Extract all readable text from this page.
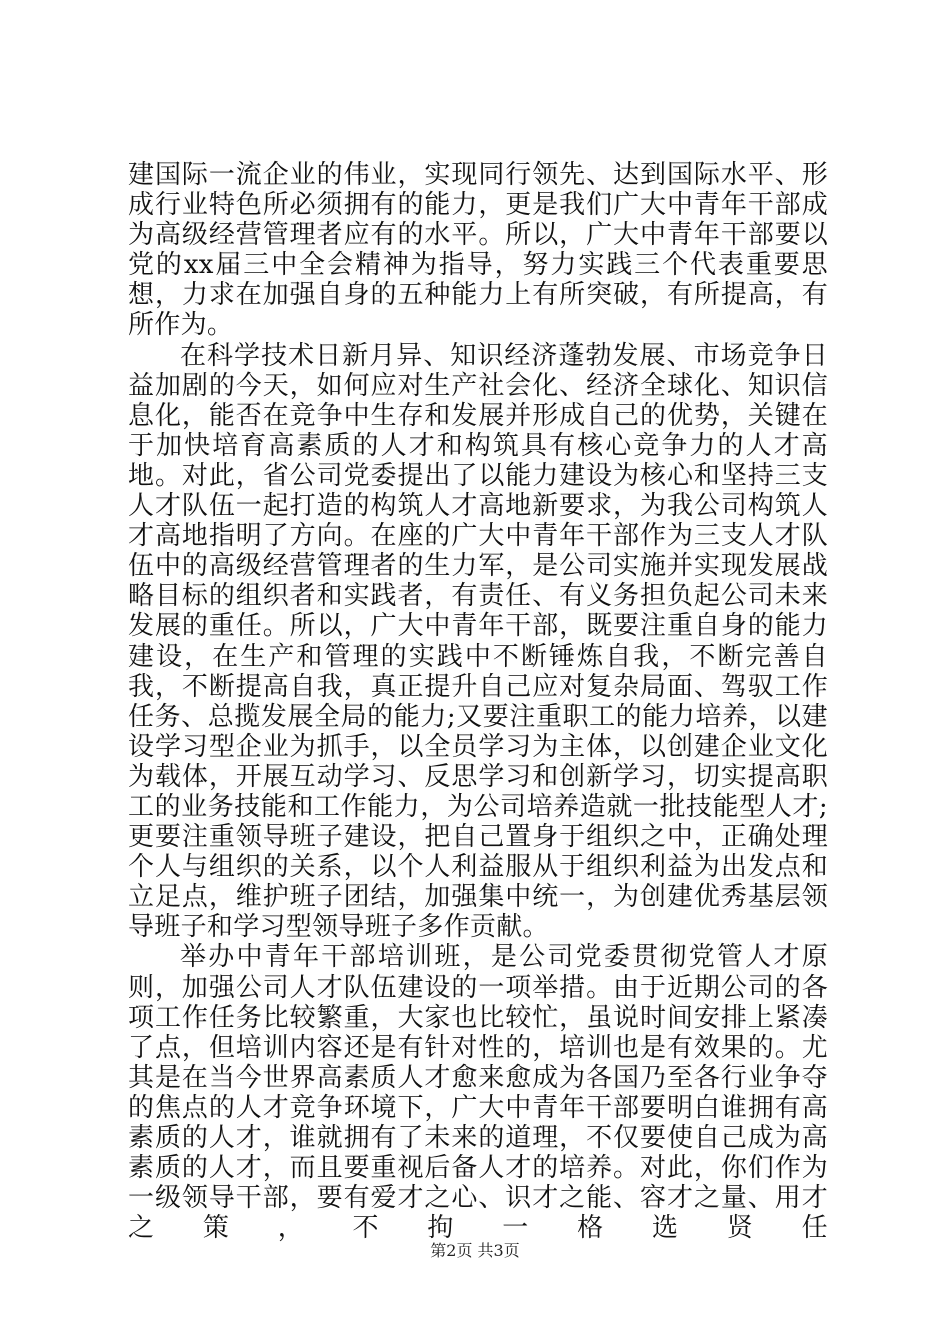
建国际一流企业的伟业，实现同行领先、达到国际水平、形成行业特色所必须拥有的能力，更是我们广大中青年干部成为高级经营管理者应有的水平。所以，广大中青年干部要以党的xx届三中全会精神为指导，努力实践三个代表重要思想，力求在加强自身的五种能力上有所突破，有所提高，有所作为。

在科学技术日新月异、知识经济蓬勃发展、市场竞争日益加剧的今天，如何应对生产社会化、经济全球化、知识信息化，能否在竞争中生存和发展并形成自己的优势，关键在于加快培育高素质的人才和构筑具有核心竞争力的人才高地。对此，省公司党委提出了以能力建设为核心和坚持三支人才队伍一起打造的构筑人才高地新要求，为我公司构筑人才高地指明了方向。在座的广大中青年干部作为三支人才队伍中的高级经营管理者的生力军，是公司实施并实现发展战略目标的组织者和实践者，有责任、有义务担负起公司未来发展的重任。所以，广大中青年干部，既要注重自身的能力建设，在生产和管理的实践中不断锤炼自我，不断完善自我，不断提高自我，真正提升自己应对复杂局面、驾驭工作任务、总揽发展全局的能力;又要注重职工的能力培养，以建设学习型企业为抓手，以全员学习为主体，以创建企业文化为载体，开展互动学习、反思学习和创新学习，切实提高职工的业务技能和工作能力，为公司培养造就一批技能型人才;更要注重领导班子建设，把自己置身于组织之中，正确处理个人与组织的关系，以个人利益服从于组织利益为出发点和立足点，维护班子团结，加强集中统一，为创建优秀基层领导班子和学习型领导班子多作贡献。

举办中青年干部培训班，是公司党委贯彻党管人才原则，加强公司人才队伍建设的一项举措。由于近期公司的各项工作任务比较繁重，大家也比较忙，虽说时间安排上紧凑了点，但培训内容还是有针对性的，培训也是有效果的。尤其是在当今世界高素质人才愈来愈成为各国乃至各行业争夺的焦点的人才竞争环境下，广大中青年干部要明白谁拥有高素质的人才，谁就拥有了未来的道理，不仅要使自己成为高素质的人才，而且要重视后备人才的培养。对此，你们作为一级领导干部，要有爱才之心、识才之能、容才之量、用才之策，不拘一格选贤任

第2页 共3页
